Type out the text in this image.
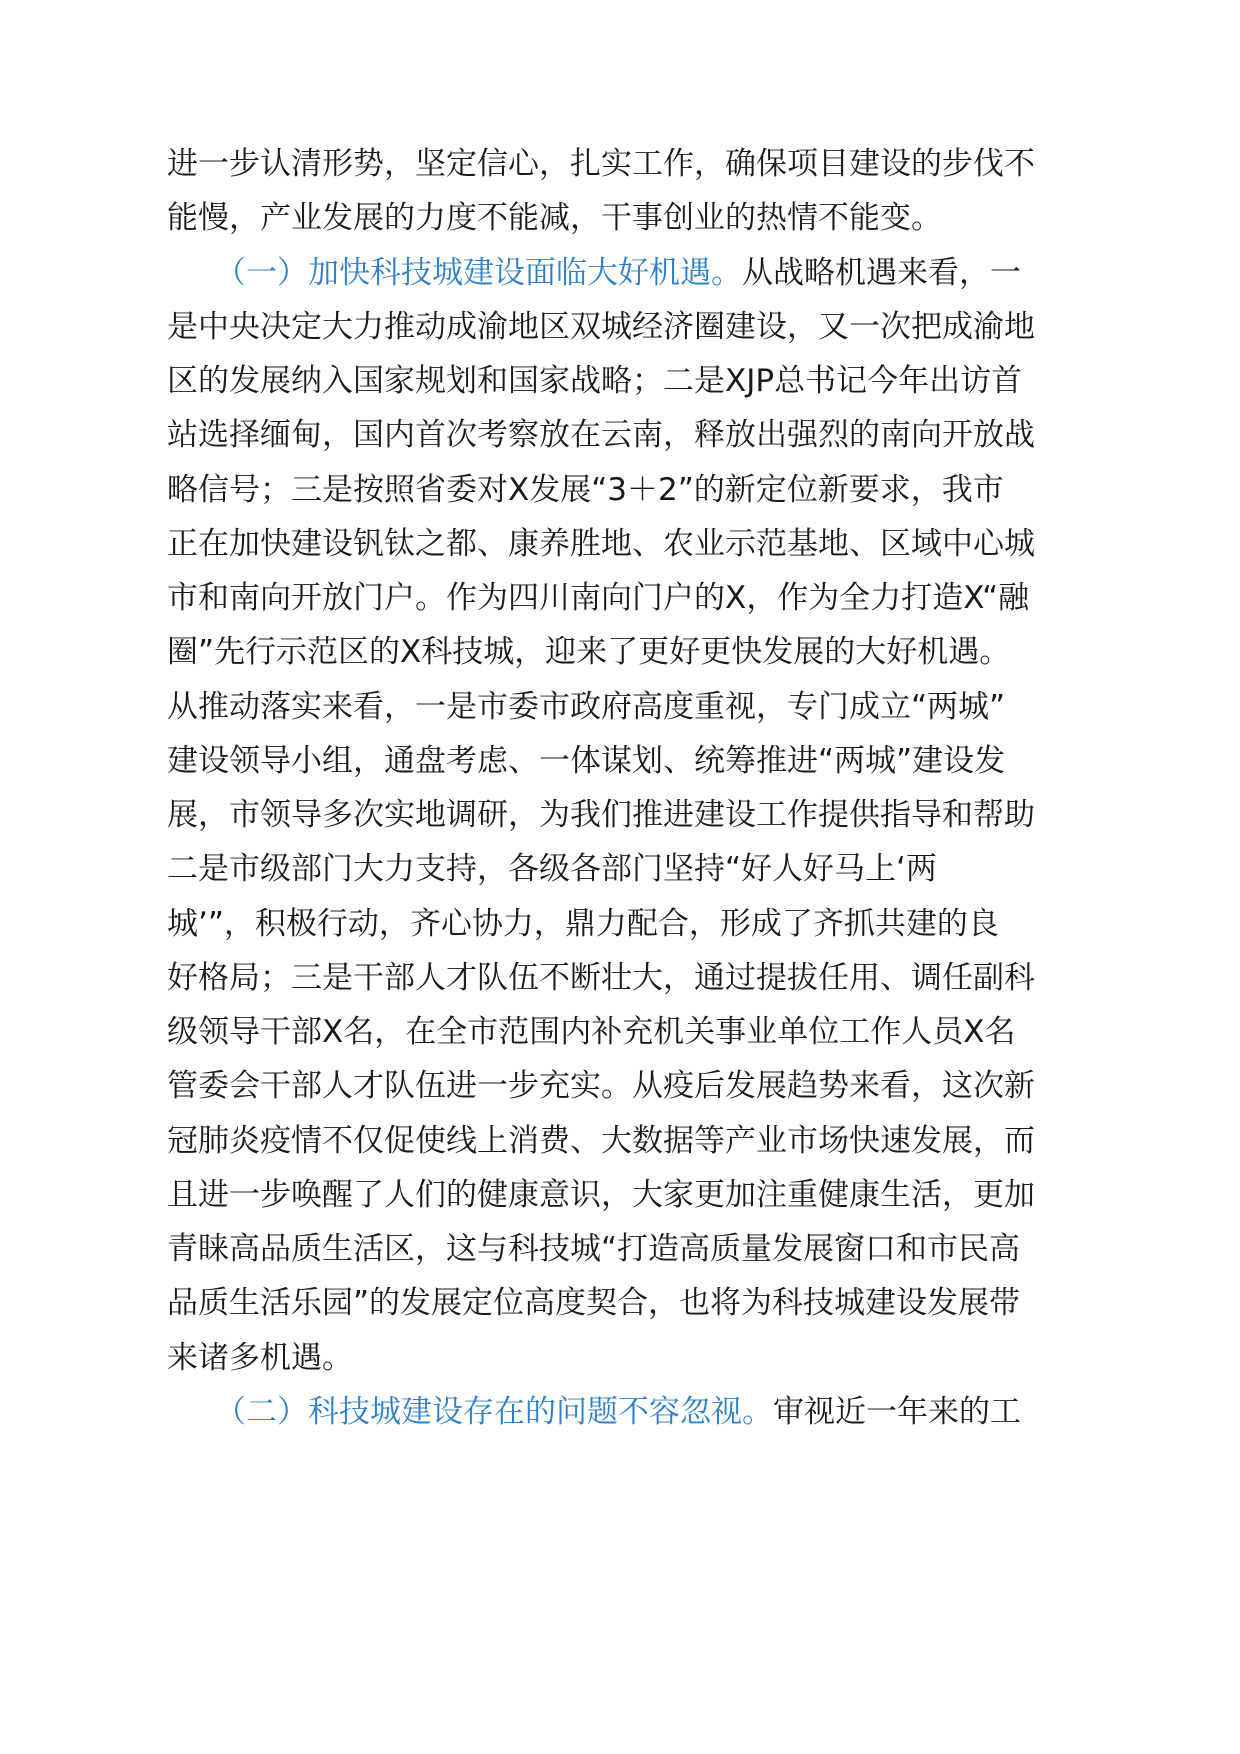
进一步认清形势，坚定信心，扎实工作，确保项目建设的步伐不
能慢，产业发展的力度不能减，干事创业的热情不能变。
（一）加快科技城建设面临大好机遇。从战略机遇来看，一
是中央决定大力推动成渝地区双城经济圈建设，又一次把成渝地
区的发展纳入国家规划和国家战略；二是XJP总书记今年出访首
站选择缅甸，国内首次考察放在云南，释放出强烈的南向开放战
略信号；三是按照省委对X发展“3＋2”的新定位新要求，我市
正在加快建设钒钛之都、康养胜地、农业示范基地、区域中心城
市和南向开放门户。作为四川南向门户的X，作为全力打造X“融
圈”先行示范区的X科技城，迎来了更好更快发展的大好机遇。
从推动落实来看，一是市委市政府高度重视，专门成立“两城”
建设领导小组，通盘考虑、一体谋划、统筹推进“两城”建设发
展，市领导多次实地调研，为我们推进建设工作提供指导和帮助
二是市级部门大力支持，各级各部门坚持“好人好马上‘两
城’”，积极行动，齐心协力，鼎力配合，形成了齐抓共建的良
好格局；三是干部人才队伍不断壮大，通过提拔任用、调任副科
级领导干部X名，在全市范围内补充机关事业单位工作人员X名
管委会干部人才队伍进一步充实。从疫后发展趋势来看，这次新
冠肺炎疫情不仅促使线上消费、大数据等产业市场快速发展，而
且进一步唤醒了人们的健康意识，大家更加注重健康生活，更加
青睐高品质生活区，这与科技城“打造高质量发展窗口和市民高
品质生活乐园”的发展定位高度契合，也将为科技城建设发展带
来诸多机遇。
（二）科技城建设存在的问题不容忽视。审视近一年来的工
